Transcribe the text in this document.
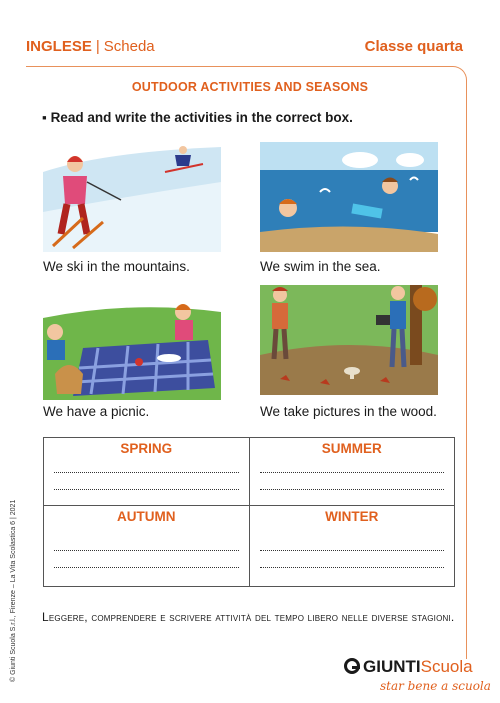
INGLESE | Scheda	Classe quarta
OUTDOOR ACTIVITIES AND SEASONS
▪ Read and write the activities in the correct box.
We ski in the mountains.	We swim in the sea.
We have a picnic.	We take pictures in the wood.
SPRING	SUMMER

AUTUMN	WINTER
Leggere, comprendere e scrivere attività del tempo libero nelle diverse stagioni.
© Giunti Scuola S.r.l., Firenze – La Vita Scolastica 6 | 2021	GIUNTIScuola
star bene a scuola
